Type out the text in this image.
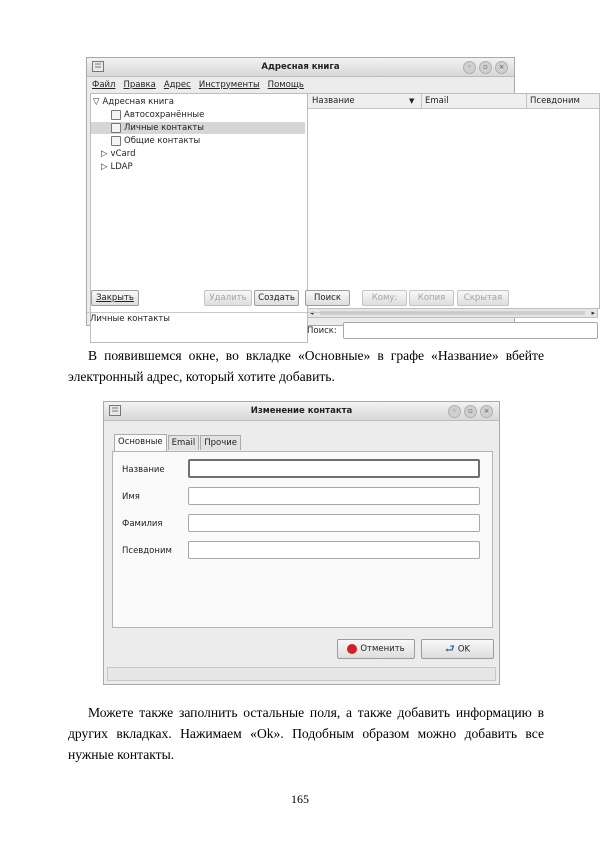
Адресная книга	◦	▫	×
Файл Правка Адрес Инструменты Помощь
▽ Адресная книга
Автосохранённые
Личные контакты
Общие контакты
▷ vCard
▷ LDAP
Название	▼ Email	Псевдоним
◂	▸
Поиск:
Закрыть	Удалить	Создать	Поиск	Кому:	Копия	Скрытая
Личные контакты
В появившемся окне, во вкладке «Основные» в графе «Название» вбейте электронный адрес, который хотите добавить.
Изменение контакта	◦	▫	×
Основные	Email	Прочие
Название
Имя
Фамилия
Псевдоним
Отменить	⮐ OK
Можете также заполнить остальные поля, а также добавить информацию в других вкладках. Нажимаем «Ok». Подобным образом можно добавить все нужные контакты.
165
